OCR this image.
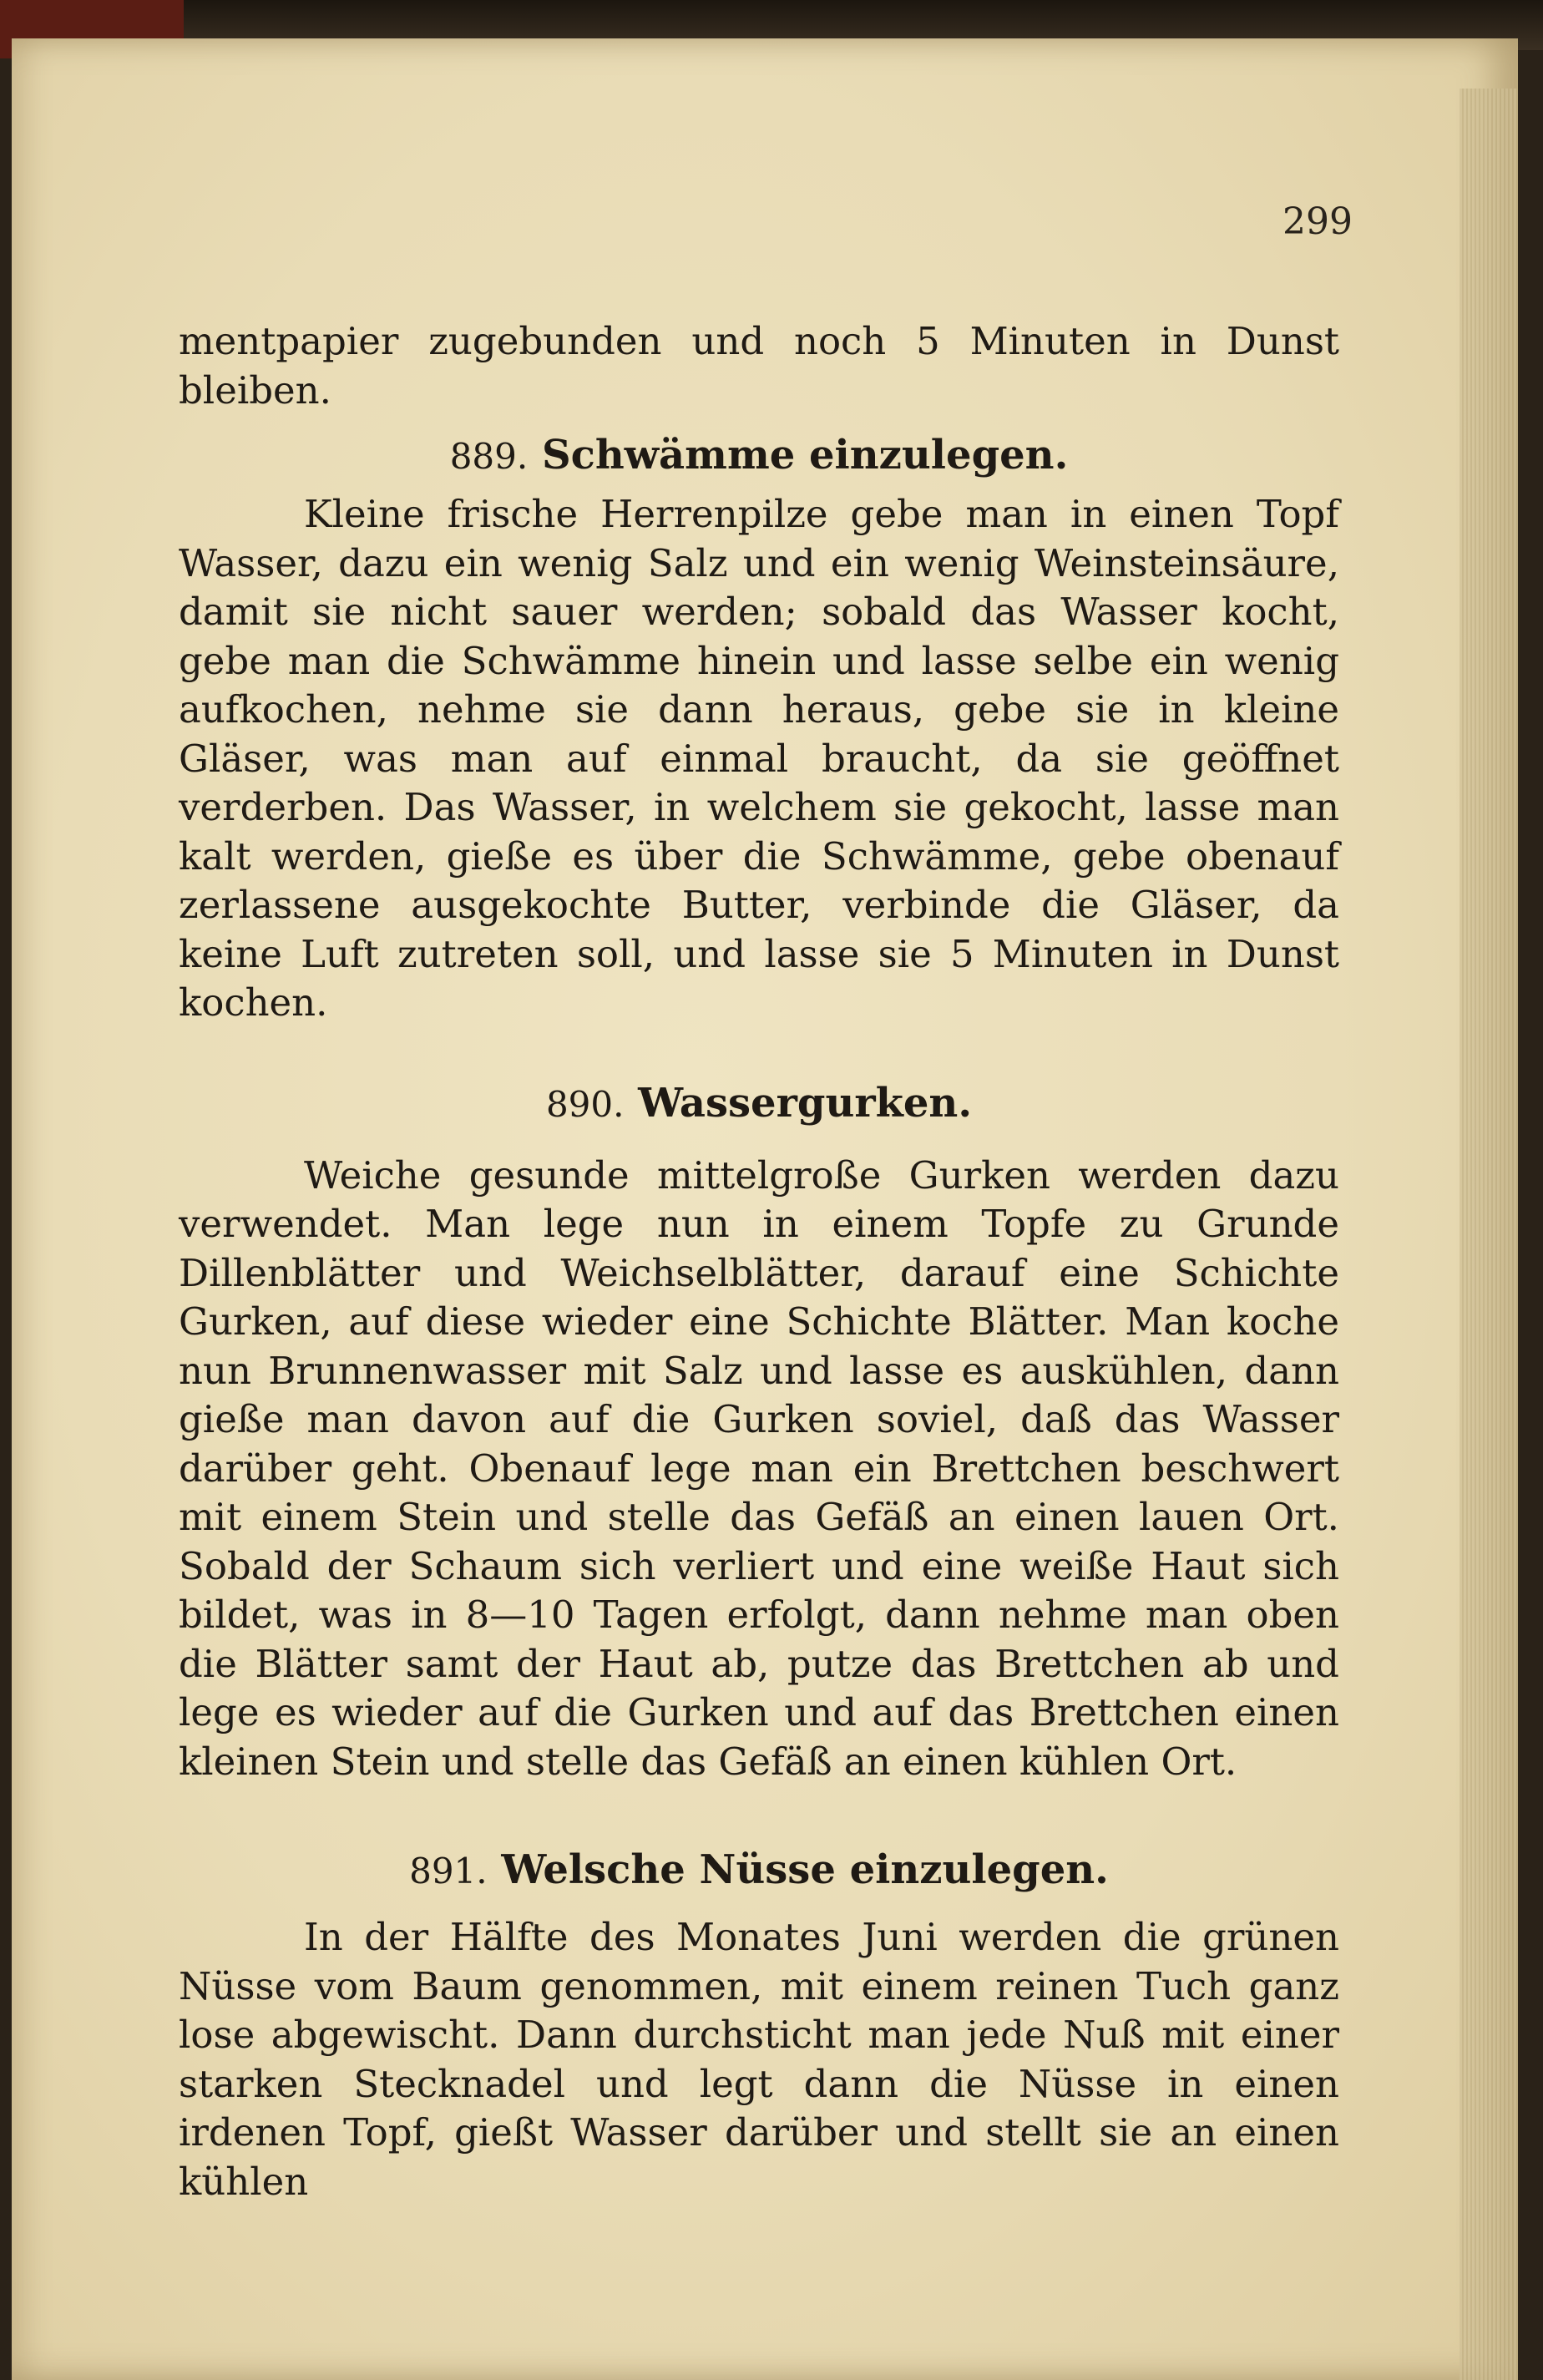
299

mentpapier zugebunden und noch 5 Minuten in Dunst bleiben.

889. Schwämme einzulegen.

Kleine frische Herrenpilze gebe man in einen Topf Wasser, dazu ein wenig Salz und ein wenig Weinsteinsäure, damit sie nicht sauer werden; sobald das Wasser kocht, gebe man die Schwämme hinein und lasse selbe ein wenig aufkochen, nehme sie dann heraus, gebe sie in kleine Gläser, was man auf einmal braucht, da sie geöffnet verderben. Das Wasser, in welchem sie gekocht, lasse man kalt werden, gieße es über die Schwämme, gebe obenauf zerlassene ausgekochte Butter, verbinde die Gläser, da keine Luft zutreten soll, und lasse sie 5 Minuten in Dunst kochen.

890. Wassergurken.

Weiche gesunde mittelgroße Gurken werden dazu verwendet. Man lege nun in einem Topfe zu Grunde Dillenblätter und Weichselblätter, darauf eine Schichte Gurken, auf diese wieder eine Schichte Blätter. Man koche nun Brunnenwasser mit Salz und lasse es auskühlen, dann gieße man davon auf die Gurken soviel, daß das Wasser darüber geht. Obenauf lege man ein Brettchen beschwert mit einem Stein und stelle das Gefäß an einen lauen Ort. Sobald der Schaum sich verliert und eine weiße Haut sich bildet, was in 8—10 Tagen erfolgt, dann nehme man oben die Blätter samt der Haut ab, putze das Brettchen ab und lege es wieder auf die Gurken und auf das Brettchen einen kleinen Stein und stelle das Gefäß an einen kühlen Ort.

891. Welsche Nüsse einzulegen.

In der Hälfte des Monates Juni werden die grünen Nüsse vom Baum genommen, mit einem reinen Tuch ganz lose abgewischt. Dann durchsticht man jede Nuß mit einer starken Stecknadel und legt dann die Nüsse in einen irdenen Topf, gießt Wasser darüber und stellt sie an einen kühlen
